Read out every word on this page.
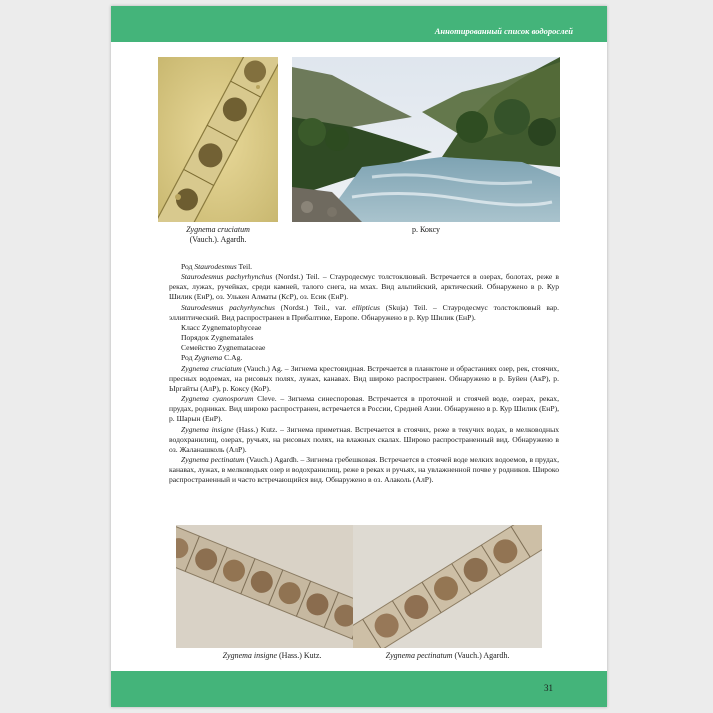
Аннотированный список водорослей
Zygnema cruciatum
(Vauch.). Agardh.
р. Коксу

Род Staurodesmus Teil.

Staurodesmus pachyrhynchus (Nordst.) Teil. – Стауродесмус толстоклювый. Встречается в озерах, болотах, реже в реках, лужах, ручейках, среди камней, талого снега, на мхах. Вид альпийский, арктический. Обнаружено в р. Кур Шилик (ЕнР), оз. Улькен Алматы (КсР), оз. Есик (ЕнР).

Staurodesmus pachyrhynchus (Nordst.) Teil., var. ellipticus (Skuja) Teil. – Стауродесмус толстоклювый вар. эллиптический. Вид распространен в Прибалтике, Европе. Обнаружено в р. Кур Шилик (ЕнР).

Класс Zygnematophyceae

Порядок Zygnematales

Семейство Zygnemataceae

Род Zygnema C.Ag.

Zygnema cruciatum (Vauch.) Ag. – Зигнема крестовидная. Встречается в планктоне и обрастаниях озер, рек, стоячих, пресных водоемах, на рисовых полях, лужах, канавах. Вид широко распространен. Обнаружено в р. Буйен (АкР), р. Ыргайты (АлР), р. Коксу (КоР).

Zygnema cyanosporum Cleve. – Зигнема синеспоровая. Встречается в проточной и стоячей воде, озерах, реках, прудах, родниках. Вид широко распространен, встречается в России, Средней Азии. Обнаружено в р. Кур Шилик (ЕнР), р. Шарын (ЕнР).

Zygnema insigne (Hass.) Kutz. – Зигнема приметная. Встречается в стоячих, реже в текучих водах, в мелководных водохранилищ, озерах, ручьях, на рисовых полях, на влажных скалах. Широко распространенный вид. Обнаружено в оз. Жаланашколь (АлР).

Zygnema pectinatum (Vauch.) Agardh. – Зигнема гребешковая. Встречается в стоячей воде мелких водоемов, в прудах, канавах, лужах, в мелководьях озер и водохранилищ, реже в реках и ручьях, на увлажненной почве у родников. Широко распространенный и часто встречающийся вид. Обнаружено в оз. Алаколь (АлР).

Zygnema insigne (Hass.) Kutz.	Zygnema pectinatum (Vauch.) Agardh.
31
